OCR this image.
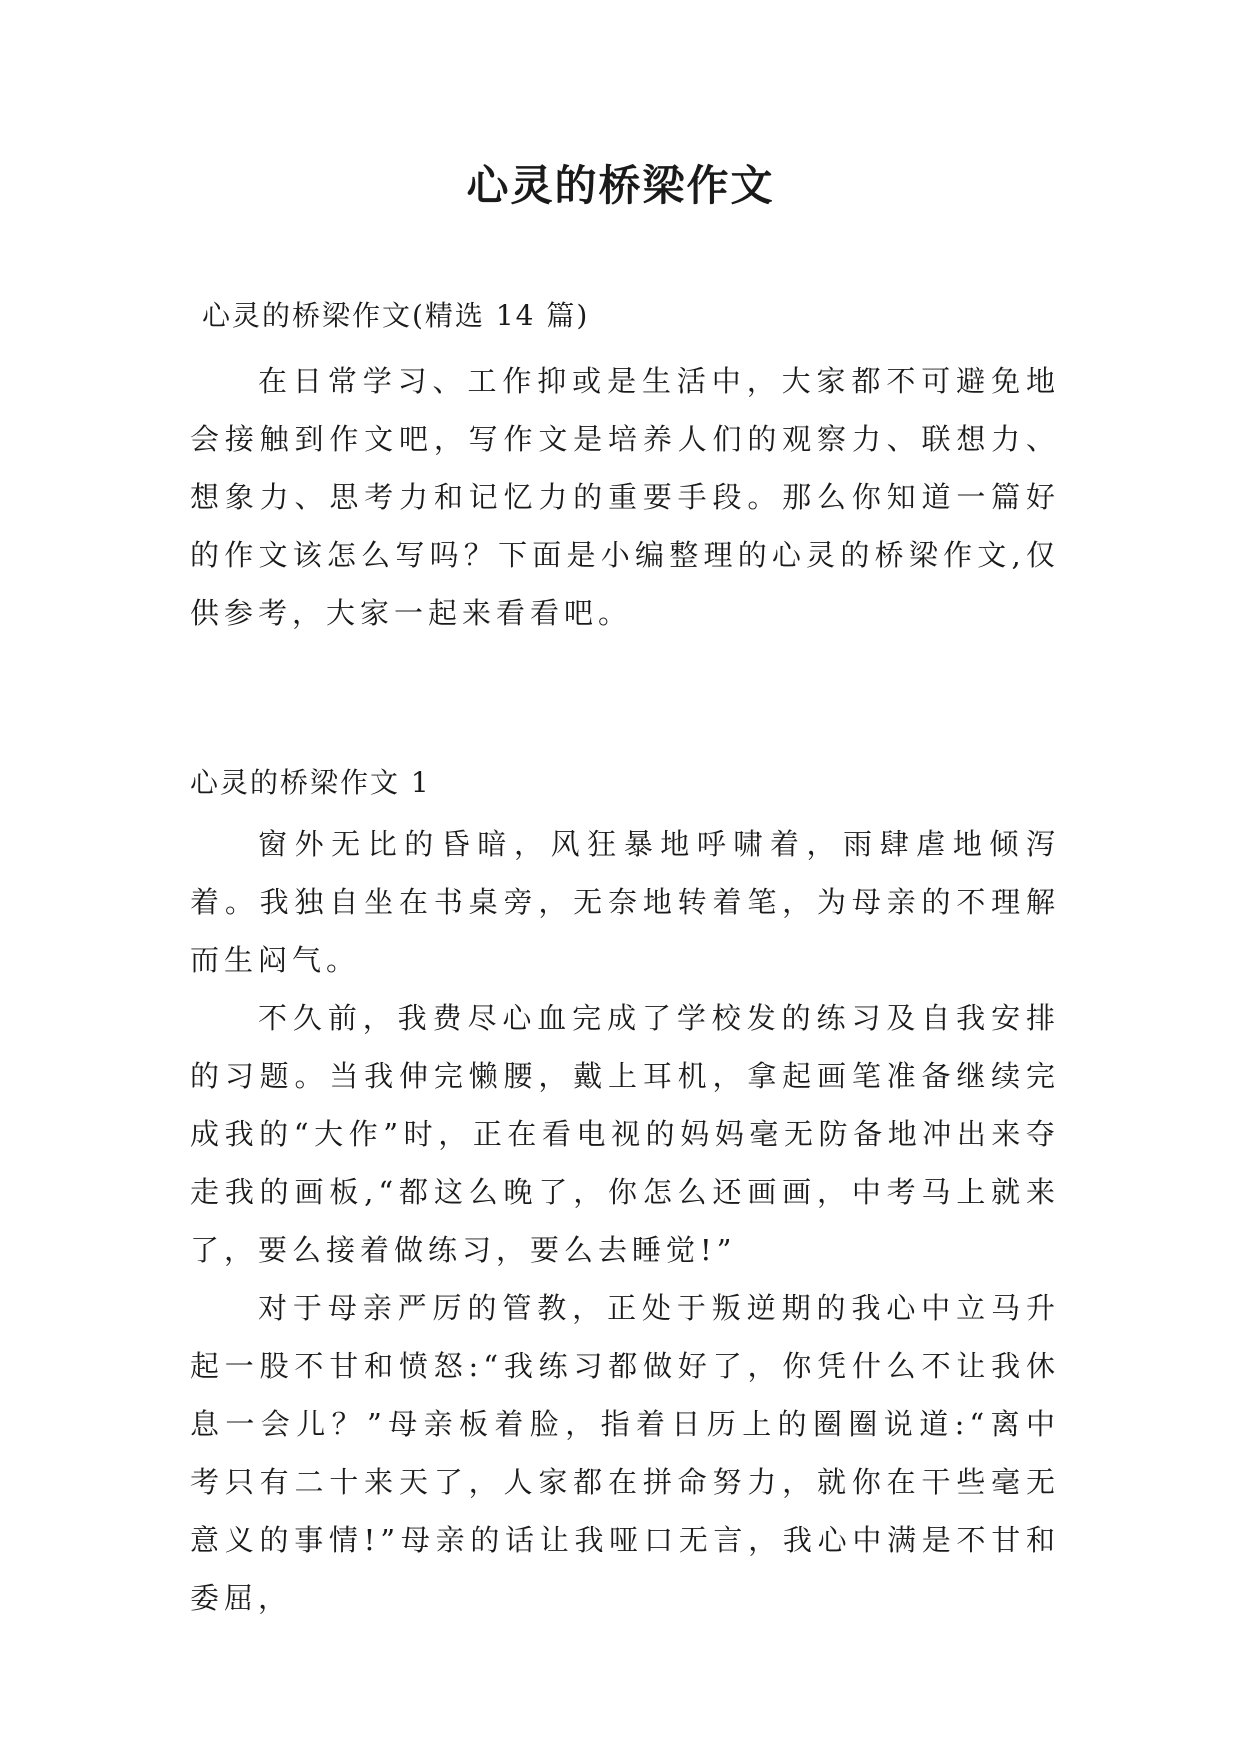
心灵的桥梁作文

心灵的桥梁作文(精选 14 篇)

在日常学习、工作抑或是生活中，大家都不可避免地会接触到作文吧，写作文是培养人们的观察力、联想力、想象力、思考力和记忆力的重要手段。那么你知道一篇好的作文该怎么写吗？下面是小编整理的心灵的桥梁作文,仅供参考，大家一起来看看吧。

心灵的桥梁作文 1

窗外无比的昏暗，风狂暴地呼啸着，雨肆虐地倾泻着。我独自坐在书桌旁，无奈地转着笔，为母亲的不理解而生闷气。

不久前，我费尽心血完成了学校发的练习及自我安排的习题。当我伸完懒腰，戴上耳机，拿起画笔准备继续完成我的“大作”时，正在看电视的妈妈毫无防备地冲出来夺走我的画板,“都这么晚了，你怎么还画画，中考马上就来了，要么接着做练习，要么去睡觉!”

对于母亲严厉的管教，正处于叛逆期的我心中立马升起一股不甘和愤怒:“我练习都做好了，你凭什么不让我休息一会儿？”母亲板着脸，指着日历上的圈圈说道:“离中考只有二十来天了，人家都在拼命努力，就你在干些毫无意义的事情!”母亲的话让我哑口无言，我心中满是不甘和委屈，
